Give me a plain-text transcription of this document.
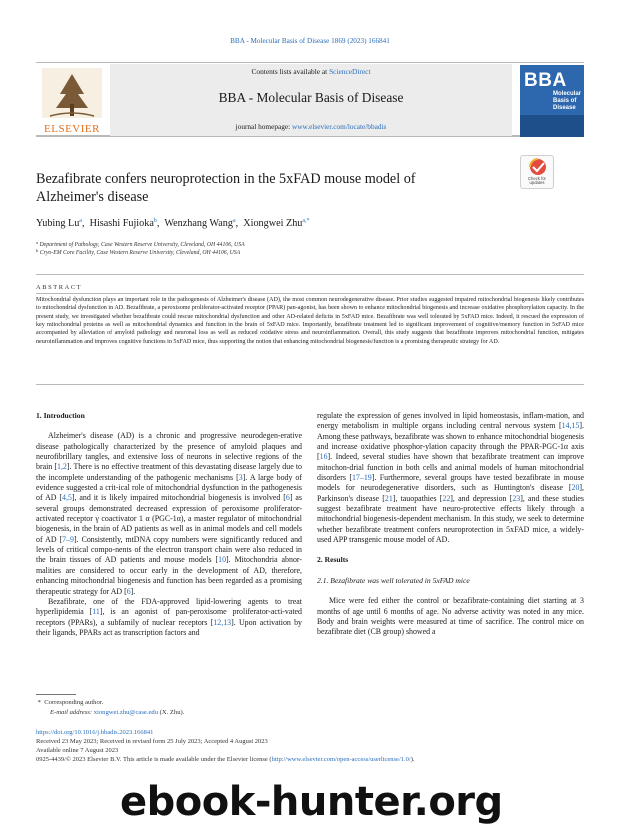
BBA - Molecular Basis of Disease 1869 (2023) 166841
ELSEVIER
Contents lists available at ScienceDirect
BBA - Molecular Basis of Disease
journal homepage: www.elsevier.com/locate/bbadis
BBA
Molecular Basis of Disease
Bezafibrate confers neuroprotection in the 5xFAD mouse model of Alzheimer's disease
Check for
updates
Yubing Lu$^a$,  Hisashi Fujioka$^b$,  Wenzhang Wang$^a$,  Xiongwei Zhu$^{a,*}$
$^a$ Department of Pathology, Case Western Reserve University, Cleveland, OH 44106, USA
$^b$ Cryo-EM Core Facility, Case Western Reserve University, Cleveland, OH 44106, USA
ABSTRACT
Mitochondrial dysfunction plays an important role in the pathogenesis of Alzheimer's disease (AD), the most common neurodegenerative disease. Prior studies suggested impaired mitochondrial biogenesis likely contributes to mitochondrial dysfunction in AD. Bezafibrate, a peroxisome proliferator-activated receptor (PPAR) pan-agonist, has been shown to enhance mitochondrial biogenesis and increase oxidative phosphorylation capacity. In the present study, we investigated whether bezafibrate could rescue mitochondrial dysfunction and other AD-related deficits in 5xFAD mice. Bezafibrate was well tolerated by 5xFAD mice. Indeed, it rescued the expression of key mitochondrial proteins as well as mitochondrial dynamics and function in the brain of 5xFAD mice. Importantly, bezafibrate treatment led to significant improvement of cognitive/memory function in 5xFAD mice accompanied by alleviation of amyloid pathology and neuronal loss as well as reduced oxidative stress and neuroinflammation. Overall, this study suggests that bezafibrate improves mitochondrial function, mitigates neuroinflammation and improves cognitive functions in 5xFAD mice, thus supporting the notion that enhancing mitochondrial biogenesis/function is a promising therapeutic strategy for AD.
1. Introduction

Alzheimer's disease (AD) is a chronic and progressive neurodegen-erative disease pathologically characterized by the presence of amyloid plaques and neurofibrillary tangles, and extensive loss of neurons in selective regions of the brain [1,2]. There is no effective treatment of this devastating disease largely due to the incomplete understanding of the pathogenic mechanisms [3]. A large body of evidence suggested a crit-ical role of mitochondrial dysfunction in the pathogenesis of AD [4,5], and it is likely impaired mitochondrial biogenesis is involved [6] as several groups demonstrated decreased expression of peroxisome proliferator-activated receptor γ coactivator 1 α (PGC-1α), a master regulator of mitochondrial biogenesis, in the brain of AD patients as well as in animal models and cell models of AD [7–9]. Consistently, mtDNA copy numbers were significantly reduced and levels of critical compo-nents of the electron transport chain were also reduced in the brain tissues of AD patients and mouse models [10]. Mitochondria abnor-malities are considered to occur early in the development of AD, therefore, enhancing mitochondrial biogenesis and function has been regarded as a promising therapeutic strategy for AD [6].

Bezafibrate, one of the FDA-approved lipid-lowering agents to treat hyperlipidemia [11], is an agonist of pan-peroxisome proliferator-acti-vated receptors (PPARs), a subfamily of nuclear receptors [12,13]. Upon activation by their ligands, PPARs act as transcription factors and

regulate the expression of genes involved in lipid homeostasis, inflam-mation, and energy metabolism in multiple organs including central nervous system [14,15]. Among these pathways, bezafibrate was shown to enhance mitochondrial biogenesis and increase oxidative phosphor-ylation capacity through the PPAR-PGC-1α axis [16]. Indeed, several studies have shown that bezafibrate treatment can improve mitochon-drial function in both cells and animal models of human mitochondrial disorders [17–19]. Furthermore, several groups have tested bezafibrate in mouse models for neurodegenerative disorders, such as Huntington's disease [20], Parkinson's disease [21], tauopathies [22], and depression [23], and these studies suggest bezafibrate treatment have neuro-protective effects likely through a mitochondrial biogenesis-dependent mechanism. In this study, we seek to determine whether bezafibrate treatment confers neuroprotection in 5xFAD mice, a widely-used APP transgenic mouse model of AD.

2. Results
2.1. Bezafibrate was well tolerated in 5xFAD mice

Mice were fed either the control or bezafibrate-containing diet starting at 3 months of age until 6 months of age. No adverse activity was noted in any mice. Body and brain weights were measured at time of sacrifice. The control mice on bezafibrate diet (CB group) showed a

* Corresponding author.
E-mail address: xiongwei.zhu@case.edu (X. Zhu).
https://doi.org/10.1016/j.bbadis.2023.166841
Received 23 May 2023; Received in revised form 25 July 2023; Accepted 4 August 2023
Available online 7 August 2023
0925-4439/© 2023 Elsevier B.V. This article is made available under the Elsevier license (http://www.elsevier.com/open-access/userlicense/1.0/).
ebook-hunter.org
